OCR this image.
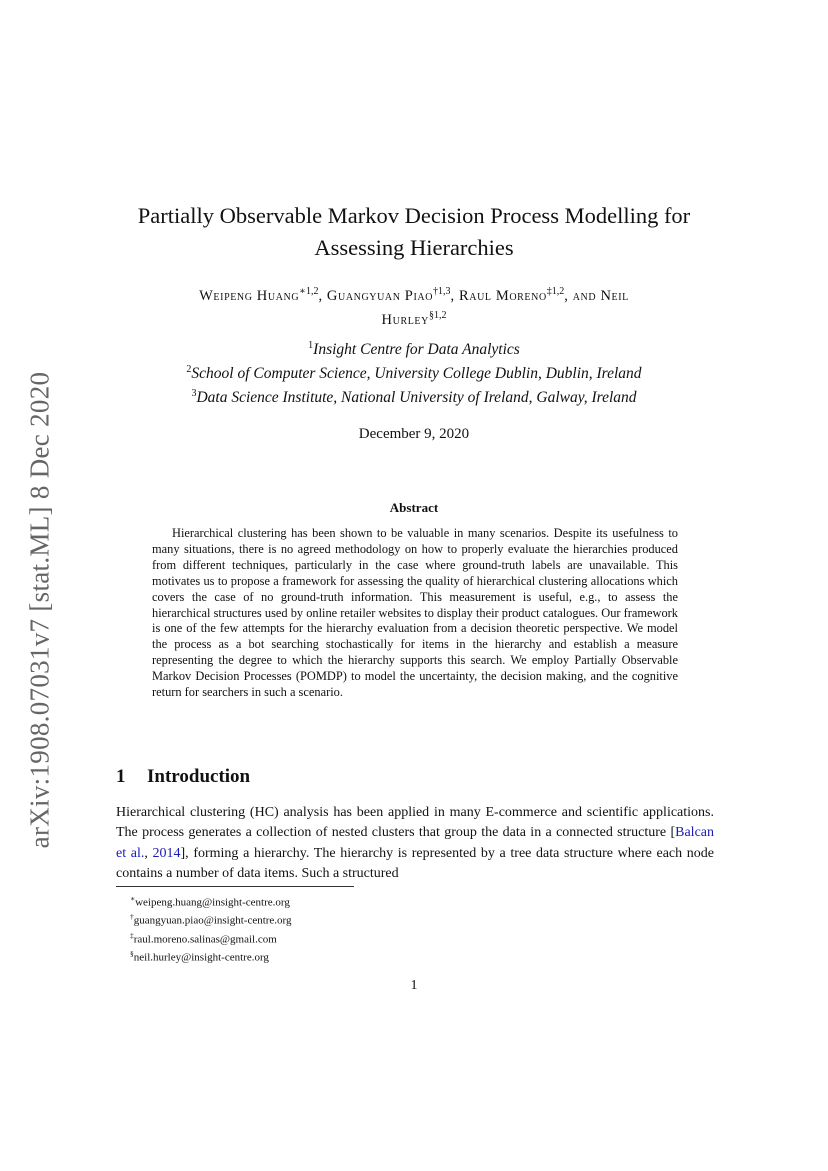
arXiv:1908.07031v7 [stat.ML] 8 Dec 2020
Partially Observable Markov Decision Process Modelling for
Assessing Hierarchies
Weipeng Huang$^{∗1,2}$, Guangyuan Piao$^{\dagger 1,3}$, Raul Moreno$^{\ddagger 1,2}$, and Neil
Hurley$^{\S 1,2}$
$^1$Insight Centre for Data Analytics
$^2$School of Computer Science, University College Dublin, Dublin, Ireland
$^3$Data Science Institute, National University of Ireland, Galway, Ireland
December 9, 2020
Abstract
Hierarchical clustering has been shown to be valuable in many scenarios. Despite its usefulness to many situations, there is no agreed methodology on how to properly evaluate the hierarchies produced from different techniques, particularly in the case where ground-truth labels are unavailable. This motivates us to propose a framework for assessing the quality of hierarchical clustering allocations which covers the case of no ground-truth information. This measurement is useful, e.g., to assess the hierarchical structures used by online retailer websites to display their product catalogues. Our framework is one of the few attempts for the hierarchy evaluation from a decision theoretic perspective. We model the process as a bot searching stochastically for items in the hierarchy and establish a measure representing the degree to which the hierarchy supports this search. We employ Partially Observable Markov Decision Processes (POMDP) to model the uncertainty, the decision making, and the cognitive return for searchers in such a scenario.
1 Introduction
Hierarchical clustering (HC) analysis has been applied in many E-commerce and scientific applications. The process generates a collection of nested clusters that group the data in a connected structure [Balcan et al., 2014], forming a hierarchy. The hierarchy is represented by a tree data structure where each node contains a number of data items. Such a structured
∗weipeng.huang@insight-centre.org
†guangyuan.piao@insight-centre.org
‡raul.moreno.salinas@gmail.com
§neil.hurley@insight-centre.org
1
